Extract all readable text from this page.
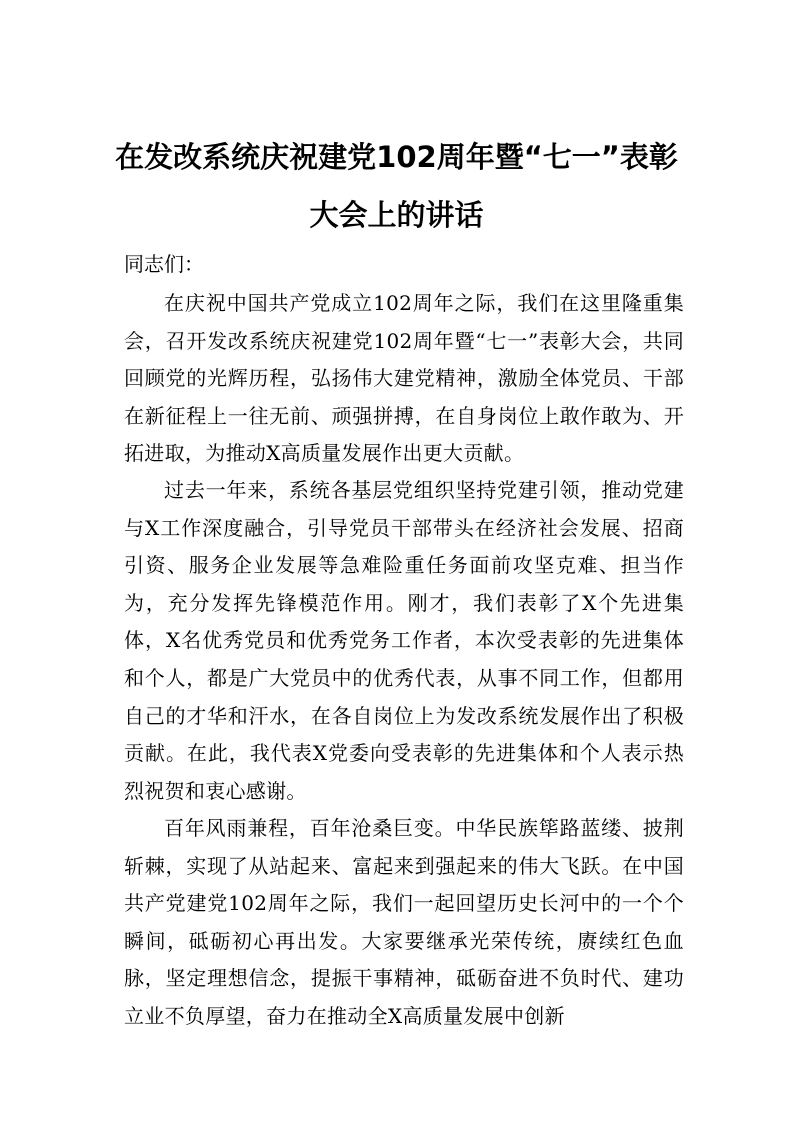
在发改系统庆祝建党102周年暨“七一”表彰
大会上的讲话

同志们：

在庆祝中国共产党成立102周年之际，我们在这里隆重集会，召开发改系统庆祝建党102周年暨“七一”表彰大会，共同回顾党的光辉历程，弘扬伟大建党精神，激励全体党员、干部在新征程上一往无前、顽强拼搏，在自身岗位上敢作敢为、开拓进取，为推动X高质量发展作出更大贡献。

过去一年来，系统各基层党组织坚持党建引领，推动党建与X工作深度融合，引导党员干部带头在经济社会发展、招商引资、服务企业发展等急难险重任务面前攻坚克难、担当作为，充分发挥先锋模范作用。刚才，我们表彰了X个先进集体，X名优秀党员和优秀党务工作者，本次受表彰的先进集体和个人，都是广大党员中的优秀代表，从事不同工作，但都用自己的才华和汗水，在各自岗位上为发改系统发展作出了积极贡献。在此，我代表X党委向受表彰的先进集体和个人表示热烈祝贺和衷心感谢。

百年风雨兼程，百年沧桑巨变。中华民族筚路蓝缕、披荆斩棘，实现了从站起来、富起来到强起来的伟大飞跃。在中国共产党建党102周年之际，我们一起回望历史长河中的一个个瞬间，砥砺初心再出发。大家要继承光荣传统，赓续红色血脉，坚定理想信念，提振干事精神，砥砺奋进不负时代、建功立业不负厚望，奋力在推动全X高质量发展中创新
